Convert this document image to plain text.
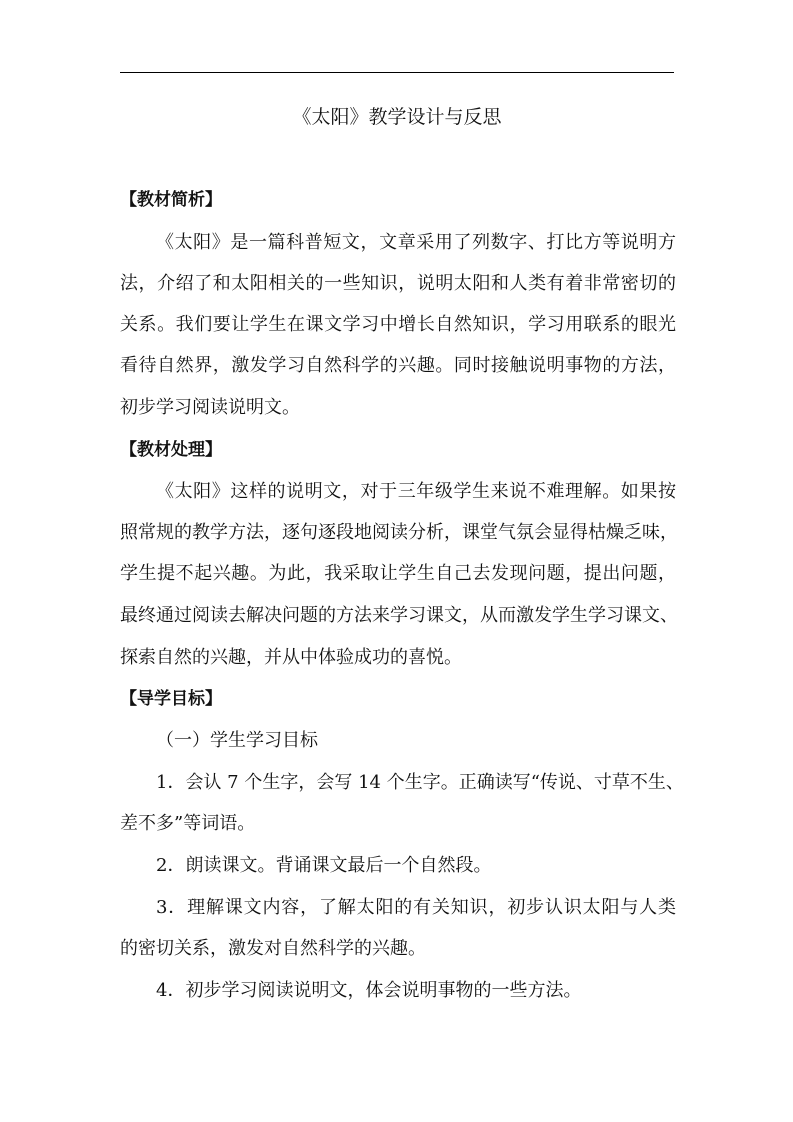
《太阳》教学设计与反思
【教材简析】
《太阳》是一篇科普短文，文章采用了列数字、打比方等说明方
法，介绍了和太阳相关的一些知识，说明太阳和人类有着非常密切的
关系。我们要让学生在课文学习中增长自然知识，学习用联系的眼光
看待自然界，激发学习自然科学的兴趣。同时接触说明事物的方法，
初步学习阅读说明文。
【教材处理】
《太阳》这样的说明文，对于三年级学生来说不难理解。如果按
照常规的教学方法，逐句逐段地阅读分析，课堂气氛会显得枯燥乏味，
学生提不起兴趣。为此，我采取让学生自己去发现问题，提出问题，
最终通过阅读去解决问题的方法来学习课文，从而激发学生学习课文、
探索自然的兴趣，并从中体验成功的喜悦。
【导学目标】
（一）学生学习目标
1．会认 7 个生字，会写 14 个生字。正确读写“传说、寸草不生、
差不多”等词语。
2．朗读课文。背诵课文最后一个自然段。
3．理解课文内容，了解太阳的有关知识，初步认识太阳与人类
的密切关系，激发对自然科学的兴趣。
4．初步学习阅读说明文，体会说明事物的一些方法。
